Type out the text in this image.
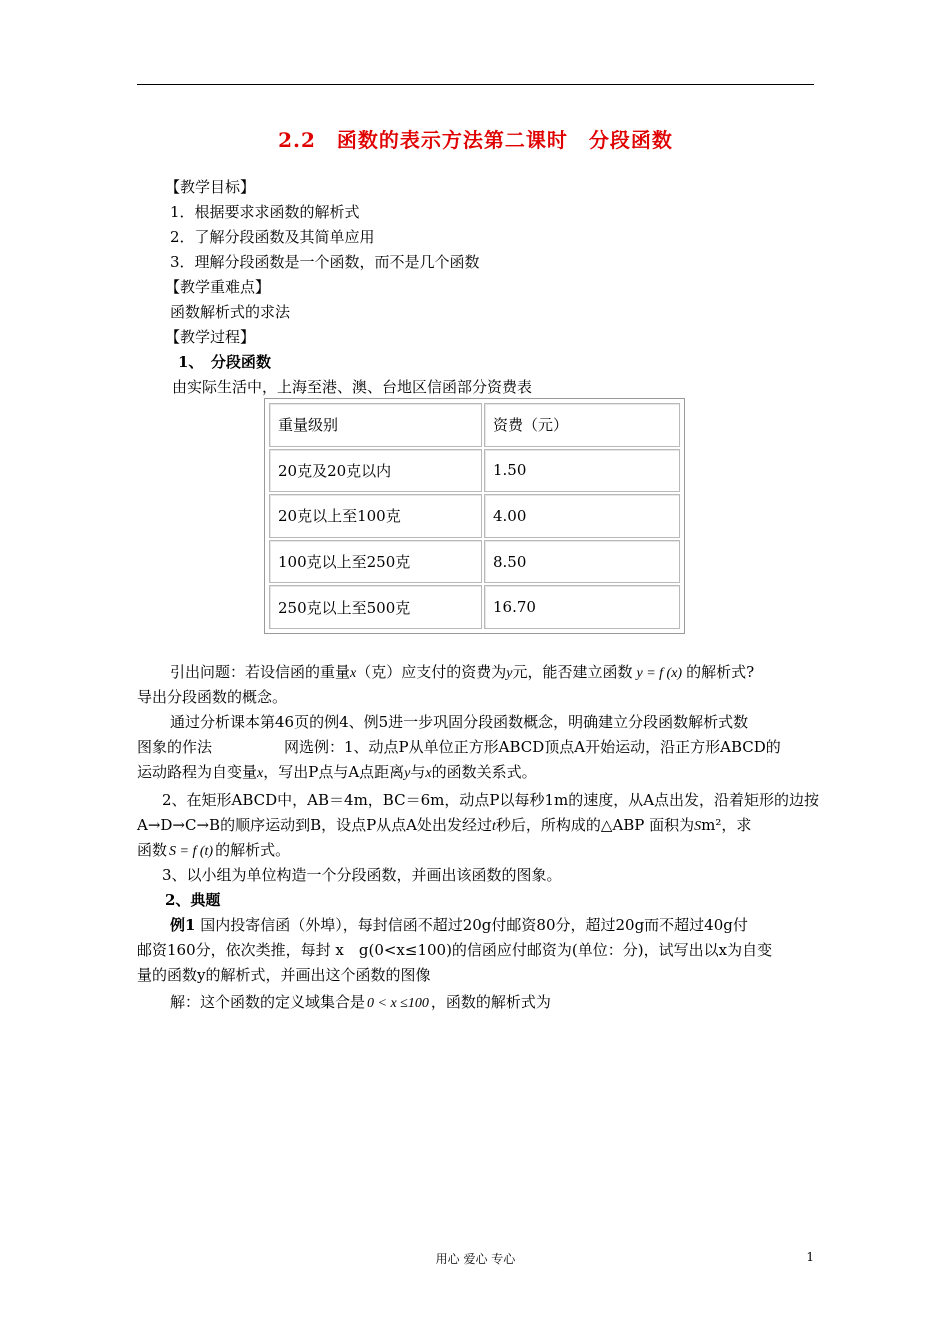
2.2　函数的表示方法第二课时　分段函数
【教学目标】
1．根据要求求函数的解析式
2．了解分段函数及其简单应用
3．理解分段函数是一个函数，而不是几个函数
【教学重难点】
函数解析式的求法
【教学过程】
1、　分段函数
由实际生活中，上海至港、澳、台地区信函部分资费表
重量级别	资费（元）
20克及20克以内	1.50
20克以上至100克	4.00
100克以上至250克	8.50
250克以上至500克	16.70
引出问题：若设信函的重量x（克）应支付的资费为y元，能否建立函数 y = f (x) 的解析式?
导出分段函数的概念。
通过分析课本第46页的例4、例5进一步巩固分段函数概念，明确建立分段函数解析式数
图象的作法	网选例：1、动点P从单位正方形ABCD顶点A开始运动，沿正方形ABCD的
运动路程为自变量x，写出P点与A点距离y与x的函数关系式。
2、在矩形ABCD中，AB＝4m，BC＝6m，动点P以每秒1m的速度，从A点出发，沿着矩形的边按
A→D→C→B的顺序运动到B，设点P从点A处出发经过t秒后，所构成的△ABP 面积为Sm²，求
函数 S = f (t) 的解析式。
3、以小组为单位构造一个分段函数，并画出该函数的图象。
2、典题
例1 国内投寄信函（外埠），每封信函不超过20g付邮资80分，超过20g而不超过40g付
邮资160分，依次类推，每封 x　g(0<x≤100)的信函应付邮资为(单位：分)，试写出以x为自变
量的函数y的解析式，并画出这个函数的图像
解：这个函数的定义域集合是 0 < x ≤100 ，函数的解析式为
用心 爱心 专心	1
